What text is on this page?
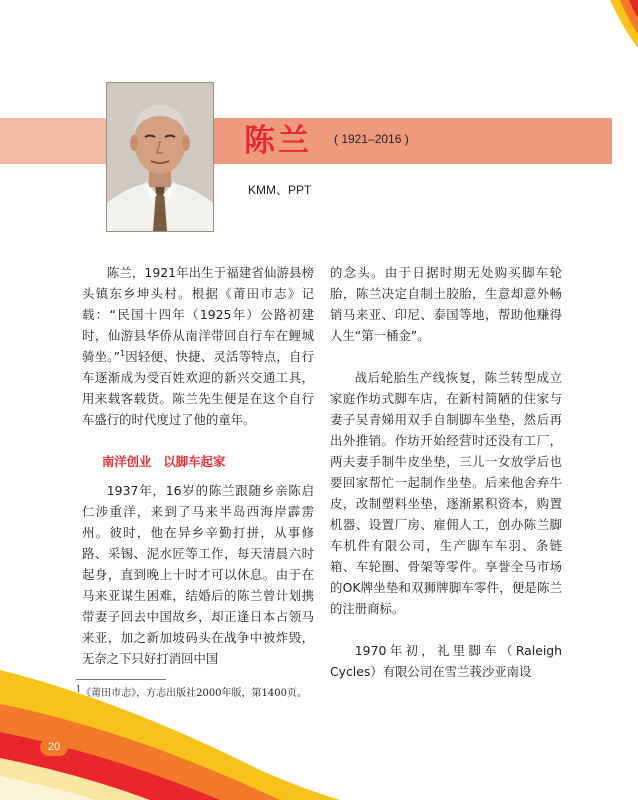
陈兰 ( 1921–2016 )
KMM、PPT

陈兰，1921年出生于福建省仙游县榜头镇东乡坤头村。根据《莆田市志》记载：“民国十四年（1925年）公路初建时，仙游县华侨从南洋带回自行车在鲤城骑坐。”$^1$因轻便、快捷、灵活等特点，自行车逐渐成为受百姓欢迎的新兴交通工具，用来载客载货。陈兰先生便是在这个自行车盛行的时代度过了他的童年。

南洋创业 以脚车起家

1937年，16岁的陈兰跟随乡亲陈启仁涉重洋，来到了马来半岛西海岸霹雳州。彼时，他在异乡辛勤打拼，从事修路、采锡、泥水匠等工作，每天清晨六时起身，直到晚上十时才可以休息。由于在马来亚谋生困难，结婚后的陈兰曾计划携带妻子回去中国故乡，却正逢日本占领马来亚，加之新加坡码头在战争中被炸毁，无奈之下只好打消回中国

的念头。由于日据时期无处购买脚车轮胎，陈兰决定自制土胶胎，生意却意外畅销马来亚、印尼、泰国等地，帮助他赚得人生“第一桶金”。

战后轮胎生产线恢复，陈兰转型成立家庭作坊式脚车店，在新村简陋的住家与妻子吴青娣用双手自制脚车坐垫，然后再出外推销。作坊开始经营时还没有工厂，两夫妻手制牛皮坐垫，三儿一女放学后也要回家帮忙一起制作坐垫。后来他舍弃牛皮，改制塑料坐垫，逐渐累积资本，购置机器、设置厂房、雇佣人工，创办陈兰脚车机件有限公司，生产脚车车羽、条链箱、车轮圈、骨架等零件。享誉全马市场的OK牌坐垫和双狮牌脚车零件，便是陈兰的注册商标。

1970年初，礼里脚车（Raleigh Cycles）有限公司在雪兰莪沙亚南设

$^1$《莆田市志》，方志出版社2000年版，第1400页。
20
